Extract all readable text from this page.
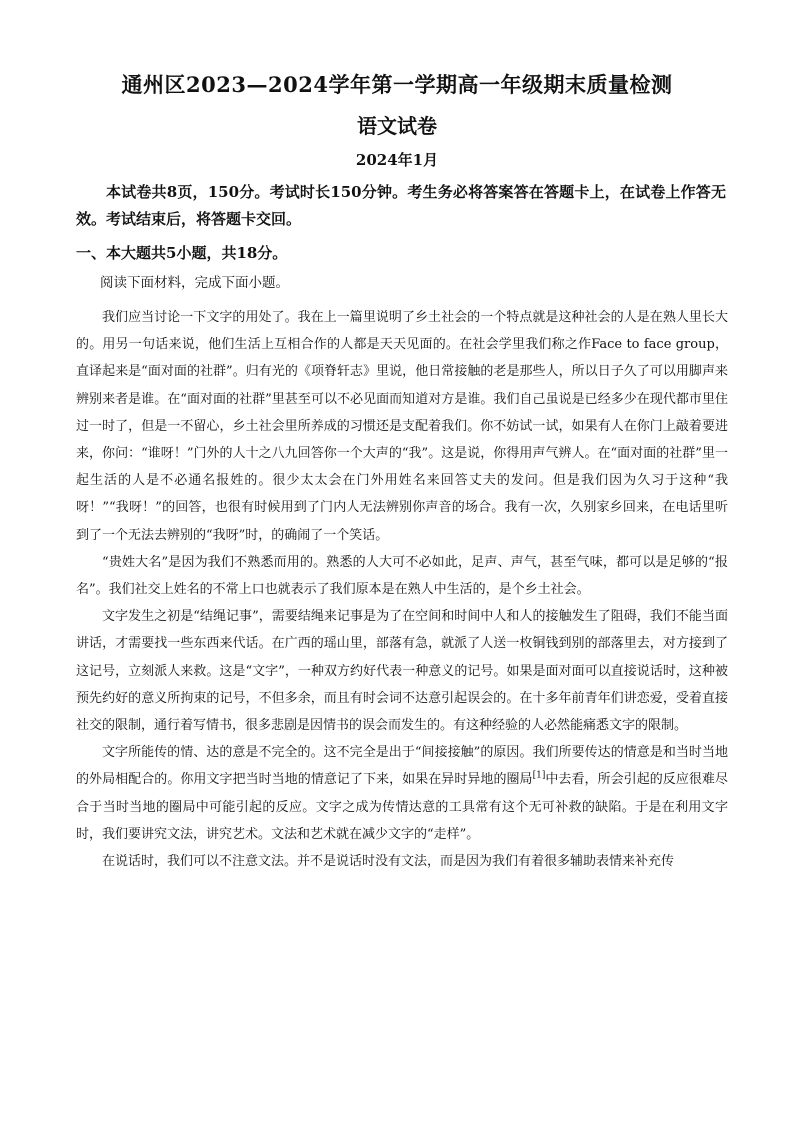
通州区2023—2024学年第一学期高一年级期末质量检测
语文试卷
2024年1月
本试卷共8页，150分。考试时长150分钟。考生务必将答案答在答题卡上，在试卷上作答无效。考试结束后，将答题卡交回。
一、本大题共5小题，共18分。
阅读下面材料，完成下面小题。

我们应当讨论一下文字的用处了。我在上一篇里说明了乡土社会的一个特点就是这种社会的人是在熟人里长大的。用另一句话来说，他们生活上互相合作的人都是天天见面的。在社会学里我们称之作Face to face group，直译起来是“面对面的社群”。归有光的《项脊轩志》里说，他日常接触的老是那些人，所以日子久了可以用脚声来辨别来者是谁。在“面对面的社群”里甚至可以不必见面而知道对方是谁。我们自己虽说是已经多少在现代都市里住过一时了，但是一不留心，乡土社会里所养成的习惯还是支配着我们。你不妨试一试，如果有人在你门上敲着要进来，你问：“谁呀！”门外的人十之八九回答你一个大声的“我”。这是说，你得用声气辨人。在“面对面的社群”里一起生活的人是不必通名报姓的。很少太太会在门外用姓名来回答丈夫的发问。但是我们因为久习于这种“我呀！”“我呀！”的回答，也很有时候用到了门内人无法辨别你声音的场合。我有一次，久别家乡回来，在电话里听到了一个无法去辨别的“我呀”时，的确闹了一个笑话。

“贵姓大名”是因为我们不熟悉而用的。熟悉的人大可不必如此，足声、声气，甚至气味，都可以是足够的“报名”。我们社交上姓名的不常上口也就表示了我们原本是在熟人中生活的，是个乡土社会。

文字发生之初是“结绳记事”，需要结绳来记事是为了在空间和时间中人和人的接触发生了阻碍，我们不能当面讲话，才需要找一些东西来代话。在广西的瑶山里，部落有急，就派了人送一枚铜钱到别的部落里去，对方接到了这记号，立刻派人来救。这是“文字”，一种双方约好代表一种意义的记号。如果是面对面可以直接说话时，这种被预先约好的意义所拘束的记号，不但多余，而且有时会词不达意引起误会的。在十多年前青年们讲恋爱，受着直接社交的限制，通行着写情书，很多悲剧是因情书的误会而发生的。有这种经验的人必然能痛悉文字的限制。

文字所能传的情、达的意是不完全的。这不完全是出于“间接接触”的原因。我们所要传达的情意是和当时当地的外局相配合的。你用文字把当时当地的情意记了下来，如果在异时异地的圈局[1]中去看，所会引起的反应很难尽合于当时当地的圈局中可能引起的反应。文字之成为传情达意的工具常有这个无可补救的缺陷。于是在利用文字时，我们要讲究文法，讲究艺术。文法和艺术就在减少文字的“走样”。

在说话时，我们可以不注意文法。并不是说话时没有文法，而是因为我们有着很多辅助表情来补充传
